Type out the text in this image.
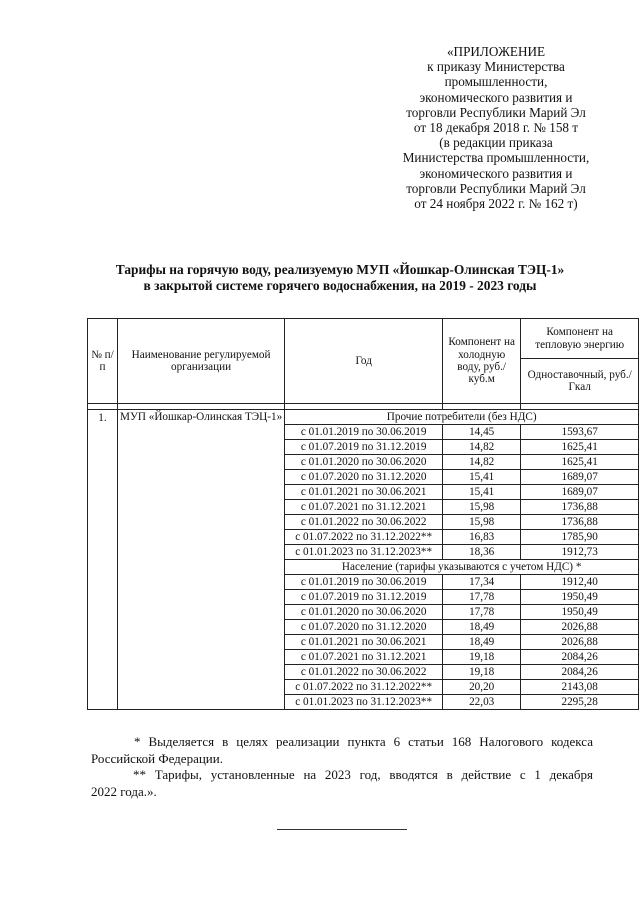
«ПРИЛОЖЕНИЕ
к приказу Министерства
промышленности,
экономического развития и
торговли Республики Марий Эл
от 18 декабря 2018 г. № 158 т
(в редакции приказа
Министерства промышленности,
экономического развития и
торговли Республики Марий Эл
от 24 ноября 2022 г. № 162 т)
Тарифы на горячую воду, реализуемую МУП «Йошкар-Олинская ТЭЦ-1»
в закрытой системе горячего водоснабжения, на 2019 - 2023 годы
№ п/п	Наименование регулируемой организации	Год	Компонент на холодную воду, руб./куб.м	Компонент на тепловую энергию
				Одноставочный, руб./Гкал

1.	МУП «Йошкар-Олинская ТЭЦ-1»	Прочие потребители (без НДС)		
		с 01.01.2019 по 30.06.2019	14,45	1593,67
		с 01.07.2019 по 31.12.2019	14,82	1625,41
		с 01.01.2020 по 30.06.2020	14,82	1625,41
		с 01.07.2020 по 31.12.2020	15,41	1689,07
		с 01.01.2021 по 30.06.2021	15,41	1689,07
		с 01.07.2021 по 31.12.2021	15,98	1736,88
		с 01.01.2022 по 30.06.2022	15,98	1736,88
		с 01.07.2022 по 31.12.2022**	16,83	1785,90
		с 01.01.2023 по 31.12.2023**	18,36	1912,73
		Население (тарифы указываются с учетом НДС) *		
		с 01.01.2019 по 30.06.2019	17,34	1912,40
		с 01.07.2019 по 31.12.2019	17,78	1950,49
		с 01.01.2020 по 30.06.2020	17,78	1950,49
		с 01.07.2020 по 31.12.2020	18,49	2026,88
		с 01.01.2021 по 30.06.2021	18,49	2026,88
		с 01.07.2021 по 31.12.2021	19,18	2084,26
		с 01.01.2022 по 30.06.2022	19,18	2084,26
		с 01.07.2022 по 31.12.2022**	20,20	2143,08
		с 01.01.2023 по 31.12.2023**	22,03	2295,28
* Выделяется в целях реализации пункта 6 статьи 168 Налогового кодекса
Российской Федерации.
** Тарифы, установленные на 2023 год, вводятся в действие с 1 декабря
2022 года.».
